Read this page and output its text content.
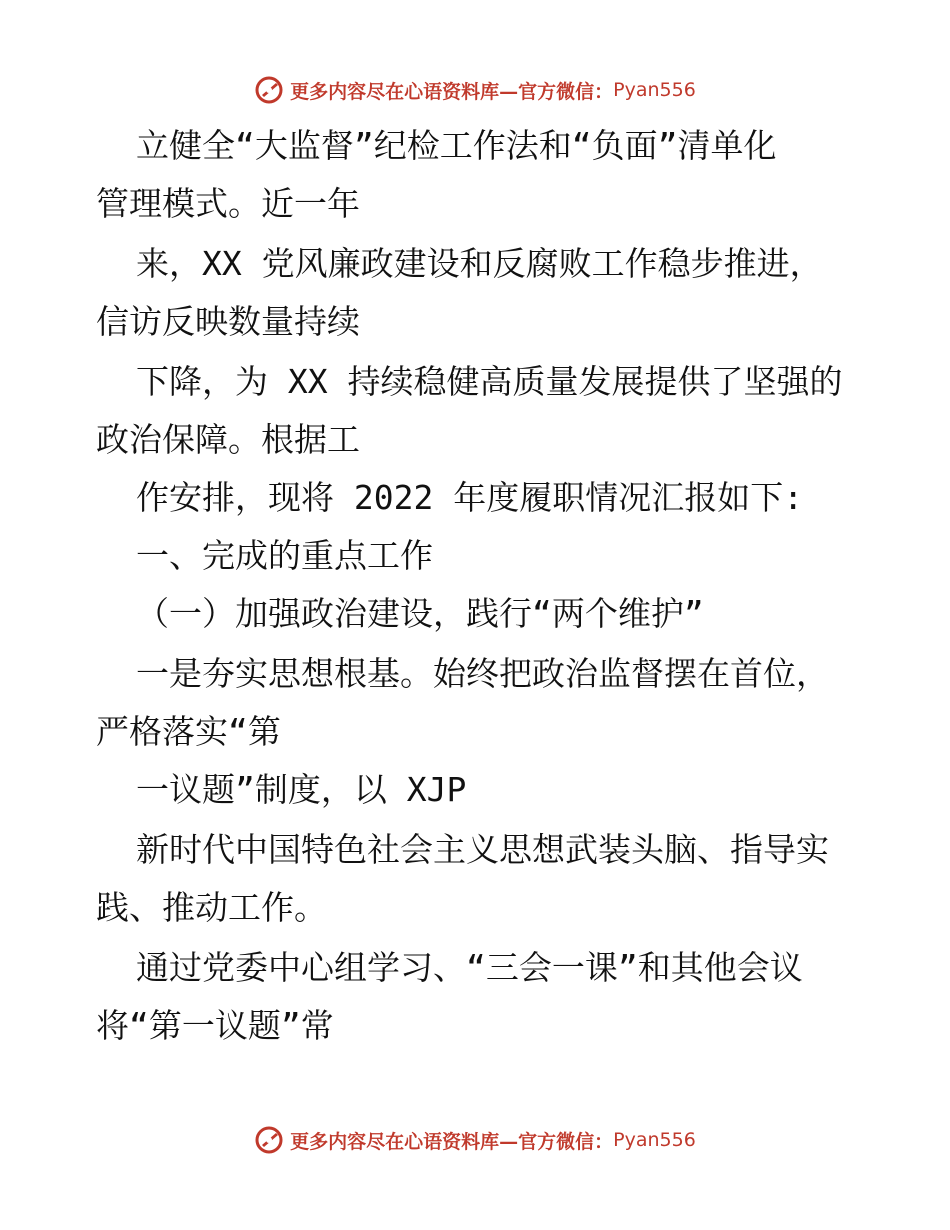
更多内容尽在心语资料库—官方微信： Pyan556
立健全“大监督”纪检工作法和“负面”清单化
管理模式。近一年
来，XX 党风廉政建设和反腐败工作稳步推进，
信访反映数量持续
下降，为 XX 持续稳健高质量发展提供了坚强的
政治保障。根据工
作安排，现将 2022 年度履职情况汇报如下:
一、完成的重点工作
（一）加强政治建设，践行“两个维护”
一是夯实思想根基。始终把政治监督摆在首位，
严格落实“第
一议题”制度，以 XJP
新时代中国特色社会主义思想武装头脑、指导实
践、推动工作。
通过党委中心组学习、“三会一课”和其他会议
将“第一议题”常
更多内容尽在心语资料库—官方微信： Pyan556
